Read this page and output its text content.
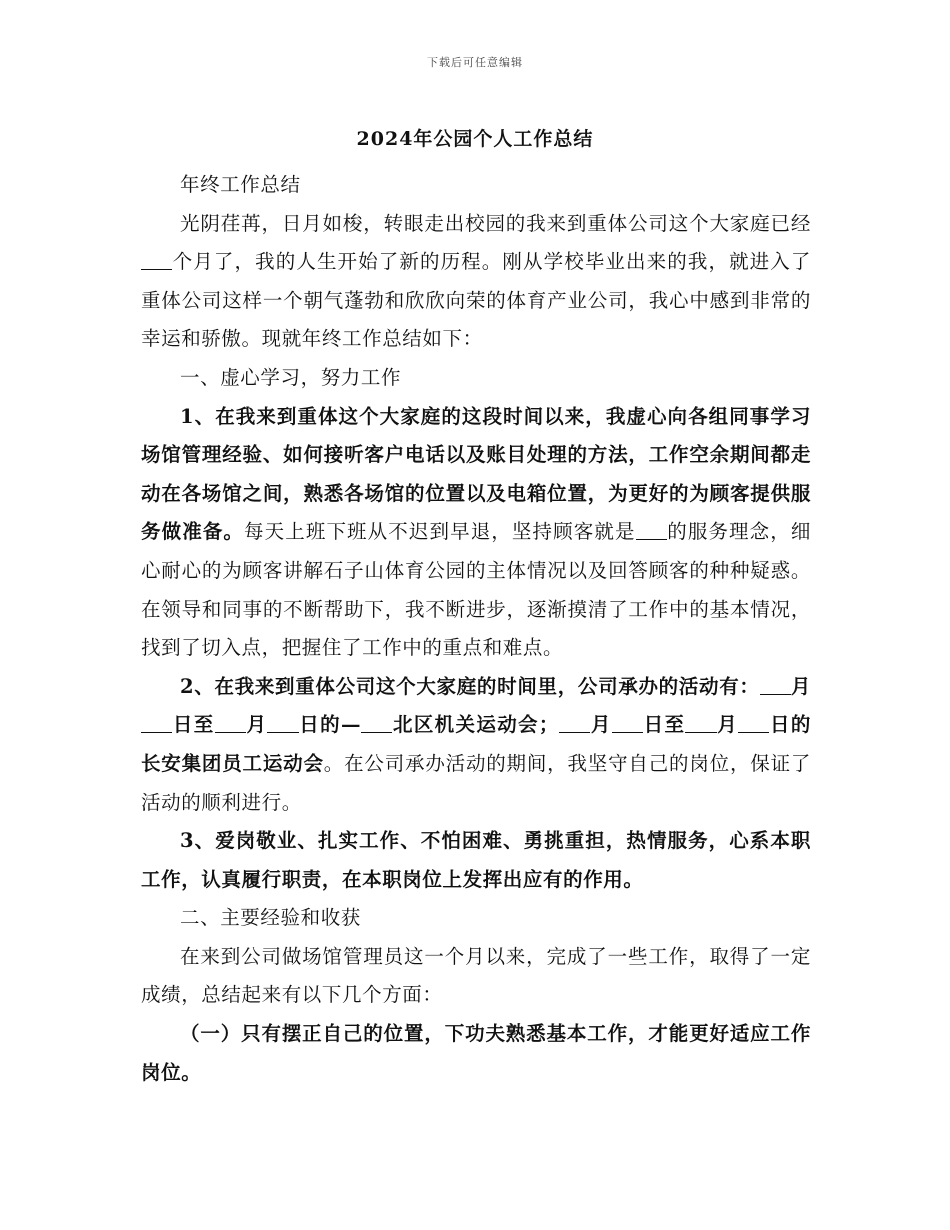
下载后可任意编辑
2024年公园个人工作总结

年终工作总结

光阴荏苒，日月如梭，转眼走出校园的我来到重体公司这个大家庭已经个月了，我的人生开始了新的历程。刚从学校毕业出来的我，就进入了重体公司这样一个朝气蓬勃和欣欣向荣的体育产业公司，我心中感到非常的幸运和骄傲。现就年终工作总结如下：

一、虚心学习，努力工作

1、在我来到重体这个大家庭的这段时间以来，我虚心向各组同事学习场馆管理经验、如何接听客户电话以及账目处理的方法，工作空余期间都走动在各场馆之间，熟悉各场馆的位置以及电箱位置，为更好的为顾客提供服务做准备。每天上班下班从不迟到早退，坚持顾客就是 的服务理念，细心耐心的为顾客讲解石子山体育公园的主体情况以及回答顾客的种种疑惑。在领导和同事的不断帮助下，我不断进步，逐渐摸清了工作中的基本情况，找到了切入点，把握住了工作中的重点和难点。

2、在我来到重体公司这个大家庭的时间里，公司承办的活动有： 月日至 月 日的— 北区机关运动会； 月 日至 月 日的长安集团员工运动会。在公司承办活动的期间，我坚守自己的岗位，保证了活动的顺利进行。

3、爱岗敬业、扎实工作、不怕困难、勇挑重担，热情服务，心系本职工作，认真履行职责，在本职岗位上发挥出应有的作用。

二、主要经验和收获

在来到公司做场馆管理员这一个月以来，完成了一些工作，取得了一定成绩，总结起来有以下几个方面：

（一）只有摆正自己的位置，下功夫熟悉基本工作，才能更好适应工作岗位。
